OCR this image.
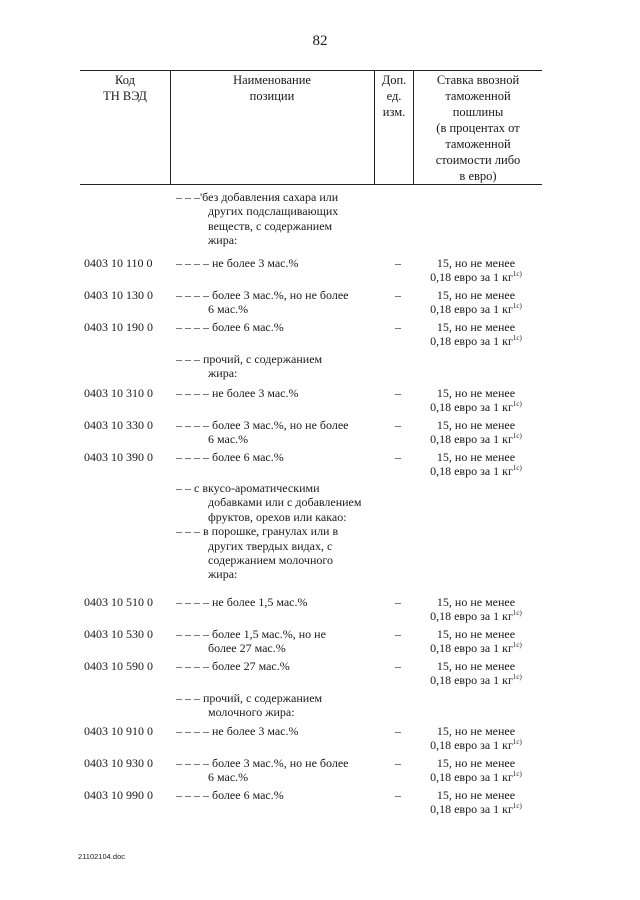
82
Код
ТН ВЭД
Наименование
позиции
Доп.
ед.
изм.
Ставка ввозной
таможенной
пошлины
(в процентах от
таможенной
стоимости либо
в евро)
– – –'без добавления сахара или
других подслащивающих
веществ, с содержанием
жира:
0403 10 110 0 – – – – не более 3 мас.%	–	15, но не менее
0,18 евро за 1 $кг^{1с)}$
0403 10 130 0 – – – – более 3 мас.%, но не более
6 мас.%
–	15, но не менее
0,18 евро за 1 $кг^{1с)}$
0403 10 190 0 – – – – более 6 мас.%	–	15, но не менее
0,18 евро за 1 $кг^{1с)}$
– – – прочий, с содержанием
жира:
0403 10 310 0 – – – – не более 3 мас.%	–	15, но не менее
0,18 евро за 1 $кг^{1с)}$
0403 10 330 0 – – – – более 3 мас.%, но не более
6 мас.%
–	15, но не менее
0,18 евро за 1 $кг^{1с)}$
0403 10 390 0 – – – – более 6 мас.%	–	15, но не менее
0,18 евро за 1 $кг^{1с)}$
– – с вкусо-ароматическими
добавками или с добавлением
фруктов, орехов или какао:
– – – в порошке, гранулах или в
других твердых видах, с
содержанием молочного
жира:
0403 10 510 0 – – – – не более 1,5 мас.%	–	15, но не менее
0,18 евро за 1 $кг^{1с)}$
0403 10 530 0 – – – – более 1,5 мас.%, но не
более 27 мас.%
–	15, но не менее
0,18 евро за 1 $кг^{1с)}$
0403 10 590 0 – – – – более 27 мас.%	–	15, но не менее
0,18 евро за 1 $кг^{1с)}$
– – – прочий, с содержанием
молочного жира:
0403 10 910 0 – – – – не более 3 мас.%	–	15, но не менее
0,18 евро за 1 $кг^{1с)}$
0403 10 930 0 – – – – более 3 мас.%, но не более
6 мас.%
–	15, но не менее
0,18 евро за 1 $кг^{1с)}$
0403 10 990 0 – – – – более 6 мас.%	–	15, но не менее
0,18 евро за 1 $кг^{1с)}$
21102104.doc
